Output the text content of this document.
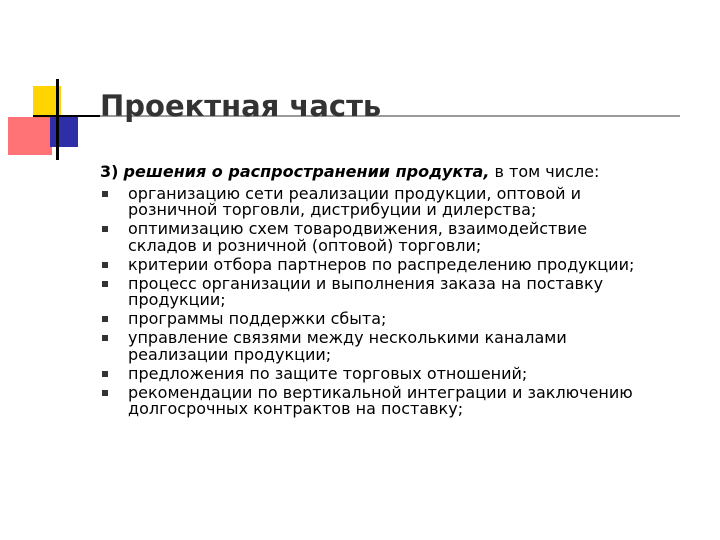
Проектная часть
3) решения о распространении продукта, в том числе:
организацию сети реализации продукции, оптовой и
розничной торговли, дистрибуции и дилерства;
оптимизацию схем товародвижения, взаимодействие
складов и розничной (оптовой) торговли;
критерии отбора партнеров по распределению продукции;
процесс организации и выполнения заказа на поставку
продукции;
программы поддержки сбыта;
управление связями между несколькими каналами
реализации продукции;
предложения по защите торговых отношений;
рекомендации по вертикальной интеграции и заключению
долгосрочных контрактов на поставку;
